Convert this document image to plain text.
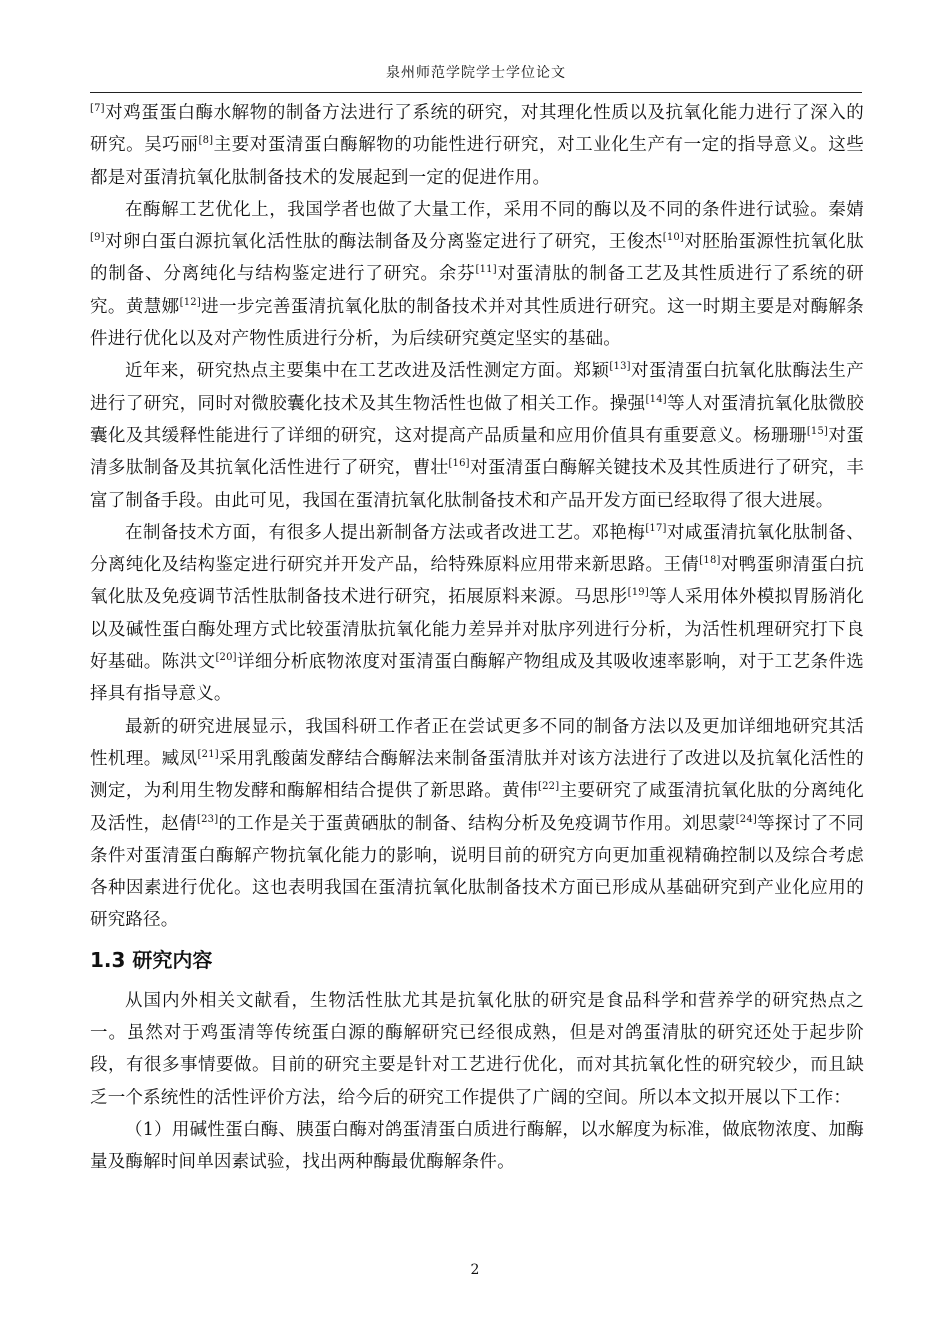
泉州师范学院学士学位论文

[7]对鸡蛋蛋白酶水解物的制备方法进行了系统的研究，对其理化性质以及抗氧化能力进行了深入的研究。吴巧丽[8]主要对蛋清蛋白酶解物的功能性进行研究，对工业化生产有一定的指导意义。这些都是对蛋清抗氧化肽制备技术的发展起到一定的促进作用。

在酶解工艺优化上，我国学者也做了大量工作，采用不同的酶以及不同的条件进行试验。秦婧[9]对卵白蛋白源抗氧化活性肽的酶法制备及分离鉴定进行了研究，王俊杰[10]对胚胎蛋源性抗氧化肽的制备、分离纯化与结构鉴定进行了研究。余芬[11]对蛋清肽的制备工艺及其性质进行了系统的研究。黄慧娜[12]进一步完善蛋清抗氧化肽的制备技术并对其性质进行研究。这一时期主要是对酶解条件进行优化以及对产物性质进行分析，为后续研究奠定坚实的基础。

近年来，研究热点主要集中在工艺改进及活性测定方面。郑颖[13]对蛋清蛋白抗氧化肽酶法生产进行了研究，同时对微胶囊化技术及其生物活性也做了相关工作。操强[14]等人对蛋清抗氧化肽微胶囊化及其缓释性能进行了详细的研究，这对提高产品质量和应用价值具有重要意义。杨珊珊[15]对蛋清多肽制备及其抗氧化活性进行了研究，曹壮[16]对蛋清蛋白酶解关键技术及其性质进行了研究，丰富了制备手段。由此可见，我国在蛋清抗氧化肽制备技术和产品开发方面已经取得了很大进展。

在制备技术方面，有很多人提出新制备方法或者改进工艺。邓艳梅[17]对咸蛋清抗氧化肽制备、分离纯化及结构鉴定进行研究并开发产品，给特殊原料应用带来新思路。王倩[18]对鸭蛋卵清蛋白抗氧化肽及免疫调节活性肽制备技术进行研究，拓展原料来源。马思彤[19]等人采用体外模拟胃肠消化以及碱性蛋白酶处理方式比较蛋清肽抗氧化能力差异并对肽序列进行分析，为活性机理研究打下良好基础。陈洪文[20]详细分析底物浓度对蛋清蛋白酶解产物组成及其吸收速率影响，对于工艺条件选择具有指导意义。

最新的研究进展显示，我国科研工作者正在尝试更多不同的制备方法以及更加详细地研究其活性机理。臧凤[21]采用乳酸菌发酵结合酶解法来制备蛋清肽并对该方法进行了改进以及抗氧化活性的测定，为利用生物发酵和酶解相结合提供了新思路。黄伟[22]主要研究了咸蛋清抗氧化肽的分离纯化及活性，赵倩[23]的工作是关于蛋黄硒肽的制备、结构分析及免疫调节作用。刘思蒙[24]等探讨了不同条件对蛋清蛋白酶解产物抗氧化能力的影响，说明目前的研究方向更加重视精确控制以及综合考虑各种因素进行优化。这也表明我国在蛋清抗氧化肽制备技术方面已形成从基础研究到产业化应用的研究路径。

1.3 研究内容

从国内外相关文献看，生物活性肽尤其是抗氧化肽的研究是食品科学和营养学的研究热点之一。虽然对于鸡蛋清等传统蛋白源的酶解研究已经很成熟，但是对鸽蛋清肽的研究还处于起步阶段，有很多事情要做。目前的研究主要是针对工艺进行优化，而对其抗氧化性的研究较少，而且缺乏一个系统性的活性评价方法，给今后的研究工作提供了广阔的空间。所以本文拟开展以下工作：

（1）用碱性蛋白酶、胰蛋白酶对鸽蛋清蛋白质进行酶解，以水解度为标准，做底物浓度、加酶量及酶解时间单因素试验，找出两种酶最优酶解条件。

2
